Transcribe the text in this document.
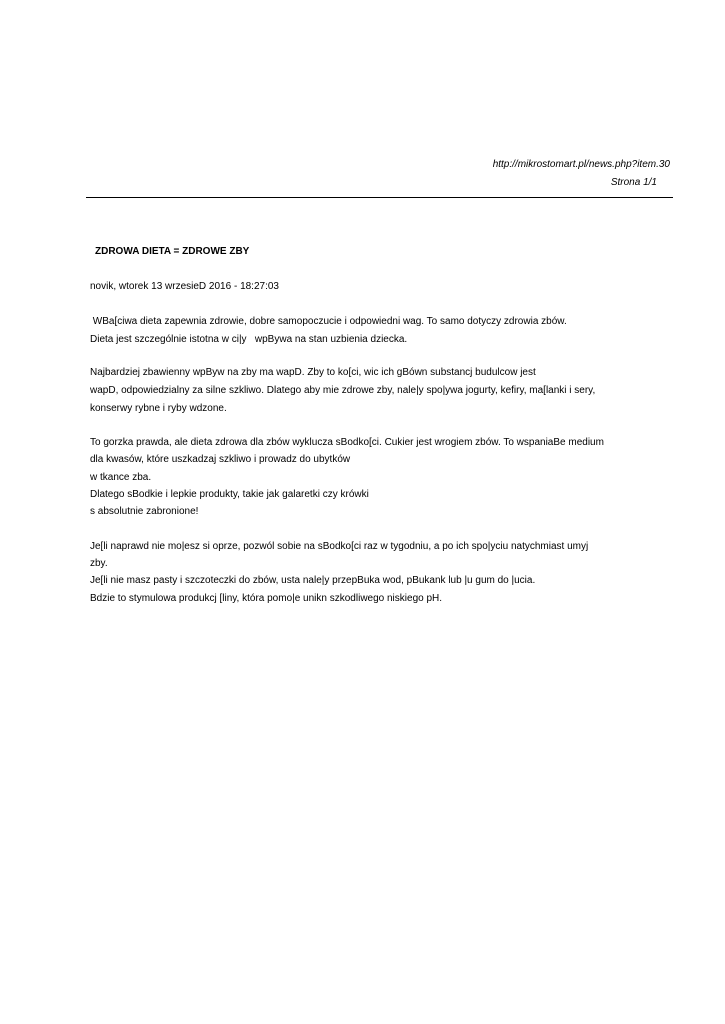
http://mikrostomart.pl/news.php?item.30
Strona 1/1
ZDROWA DIETA = ZDROWE ZBY
novik, wtorek 13 wrzesieD 2016 - 18:27:03
WBa[ciwa dieta zapewnia zdrowie, dobre samopoczucie i odpowiedni wag. To samo dotyczy zdrowia zbów.
Dieta jest szczególnie istotna w ci|y   wpBywa na stan uzbienia dziecka.
Najbardziej zbawienny wpByw na zby ma wapD. Zby to ko[ci, wic ich gBówn substancj budulcow jest
wapD, odpowiedzialny za silne szkliwo. Dlatego aby mie zdrowe zby, nale|y spo|ywa jogurty, kefiry, ma[lanki i sery,
konserwy rybne i ryby wdzone.
To gorzka prawda, ale dieta zdrowa dla zbów wyklucza sBodko[ci. Cukier jest wrogiem zbów. To wspaniaBe medium
dla kwasów, które uszkadzaj szkliwo i prowadz do ubytków
w tkance zba.
Dlatego sBodkie i lepkie produkty, takie jak galaretki czy krówki
s absolutnie zabronione!
Je[li naprawd nie mo|esz si oprze, pozwól sobie na sBodko[ci raz w tygodniu, a po ich spo|yciu natychmiast umyj
zby.
Je[li nie masz pasty i szczoteczki do zbów, usta nale|y przepBuka wod, pBukank lub |u gum do |ucia.
Bdzie to stymulowa produkcj [liny, która pomo|e unikn szkodliwego niskiego pH.
